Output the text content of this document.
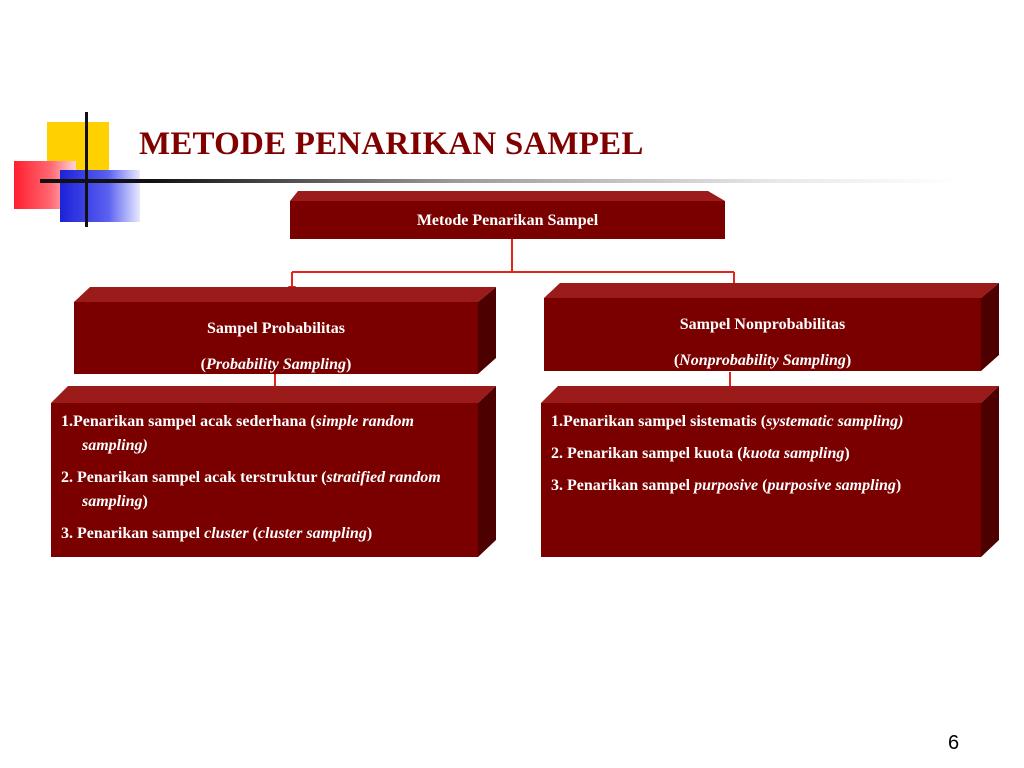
METODE PENARIKAN SAMPEL
Metode Penarikan Sampel
Sampel Probabilitas
(Probability Sampling)
Sampel Nonprobabilitas
(Nonprobability Sampling)
1.Penarikan sampel acak sederhana (simple random sampling)
2. Penarikan sampel acak terstruktur (stratified random sampling)
3. Penarikan sampel cluster (cluster sampling)
1.Penarikan sampel sistematis (systematic sampling)
2. Penarikan sampel kuota (kuota sampling)
3. Penarikan sampel purposive (purposive sampling)
6
